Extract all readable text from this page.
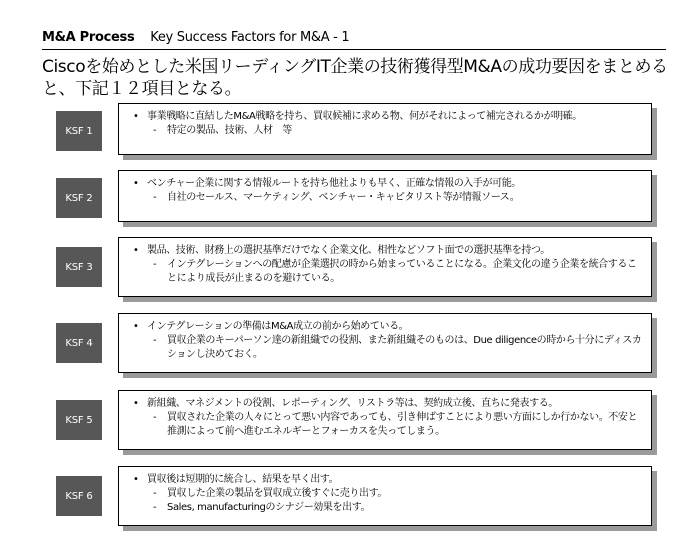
M&A Process Key Success Factors for M&A - 1
Ciscoを始めとした米国リーディングIT企業の技術獲得型M&Aの成功要因をまとめると、下記１２項目となる。
KSF 1
• 事業戦略に直結したM&A戦略を持ち、買収候補に求める物、何がそれによって補完されるかが明確。
-	特定の製品、技術、人材　等
KSF 2
• ベンチャー企業に関する情報ルートを持ち他社よりも早く、正確な情報の入手が可能。
-	自社のセールス、マーケティング、ベンチャー・キャピタリスト等が情報ソース。
KSF 3
• 製品、技術、財務上の選択基準だけでなく企業文化、相性などソフト面での選択基準を持つ。
-	インテグレーションへの配慮が企業選択の時から始まっていることになる。企業文化の違う企業を統合することにより成長が止まるのを避けている。
KSF 4
• インテグレーションの準備はM&A成立の前から始めている。
-	買収企業のキーパーソン達の新組織での役割、また新組織そのものは、Due diligenceの時から十分にディスカションし決めておく。
KSF 5
• 新組織、マネジメントの役割、レポーティング、リストラ等は、契約成立後、直ちに発表する。
-	買収された企業の人々にとって悪い内容であっても、引き伸ばすことにより悪い方面にしか行かない。不安と推測によって前へ進むエネルギーとフォーカスを失ってしまう。
KSF 6
• 買収後は短期的に統合し、結果を早く出す。
-	買収した企業の製品を買収成立後すぐに売り出す。
-	Sales, manufacturingのシナジー効果を出す。
